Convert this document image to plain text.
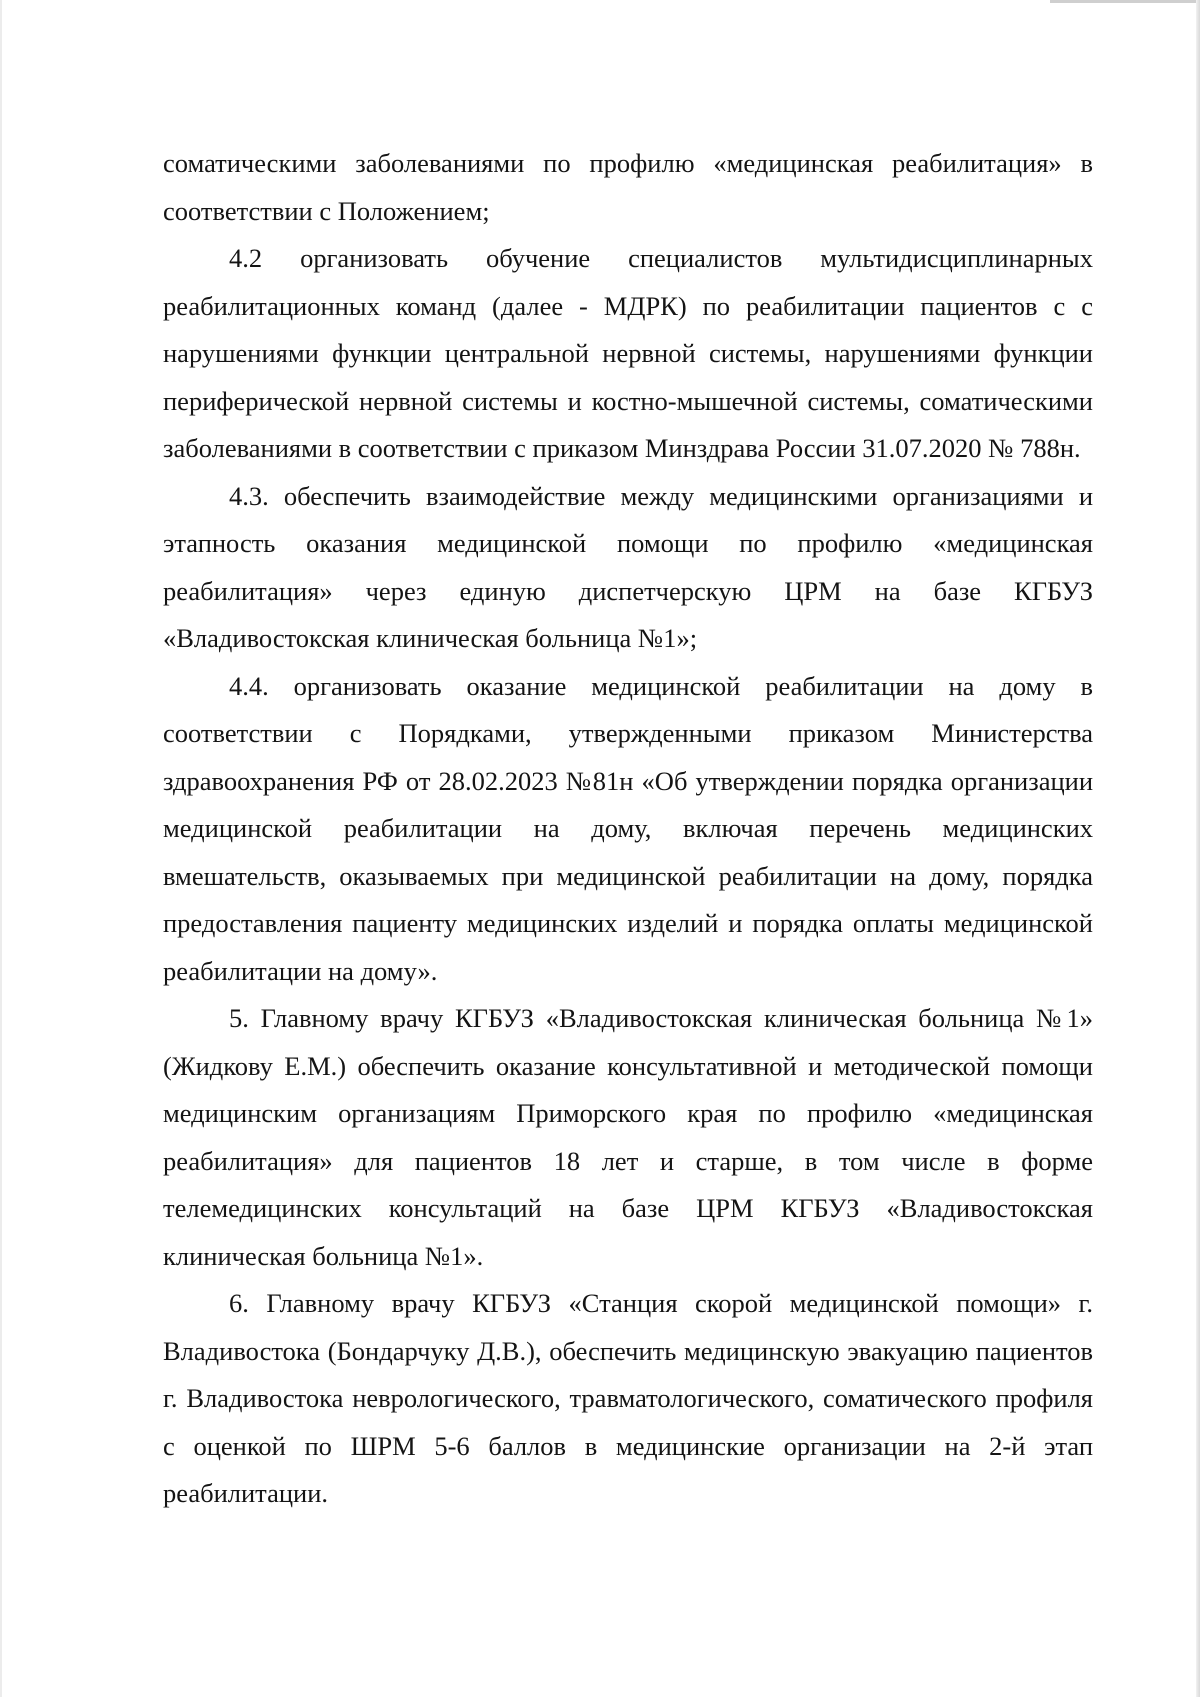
соматическими заболеваниями по профилю «медицинская реабилитация» в соответствии с Положением;

4.2 организовать обучение специалистов мультидисциплинарных реабилитационных команд (далее - МДРК) по реабилитации пациентов с с нарушениями функции центральной нервной системы, нарушениями функции периферической нервной системы и костно-мышечной системы, соматическими заболеваниями в соответствии с приказом Минздрава России 31.07.2020 № 788н.

4.3. обеспечить взаимодействие между медицинскими организациями и этапность оказания медицинской помощи по профилю «медицинская реабилитация» через единую диспетчерскую ЦРМ на базе КГБУЗ «Владивостокская клиническая больница №1»;

4.4. организовать оказание медицинской реабилитации на дому в соответствии с Порядками, утвержденными приказом Министерства здравоохранения РФ от 28.02.2023 №81н «Об утверждении порядка организации медицинской реабилитации на дому, включая перечень медицинских вмешательств, оказываемых при медицинской реабилитации на дому, порядка предоставления пациенту медицинских изделий и порядка оплаты медицинской реабилитации на дому».

5. Главному врачу КГБУЗ «Владивостокская клиническая больница №1» (Жидкову Е.М.) обеспечить оказание консультативной и методической помощи медицинским организациям Приморского края по профилю «медицинская реабилитация» для пациентов 18 лет и старше, в том числе в форме телемедицинских консультаций на базе ЦРМ КГБУЗ «Владивостокская клиническая больница №1».

6. Главному врачу КГБУЗ «Станция скорой медицинской помощи» г. Владивостока (Бондарчуку Д.В.), обеспечить медицинскую эвакуацию пациентов г. Владивостока неврологического, травматологического, соматического профиля с оценкой по ШРМ 5-6 баллов в медицинские организации на 2-й этап реабилитации.
